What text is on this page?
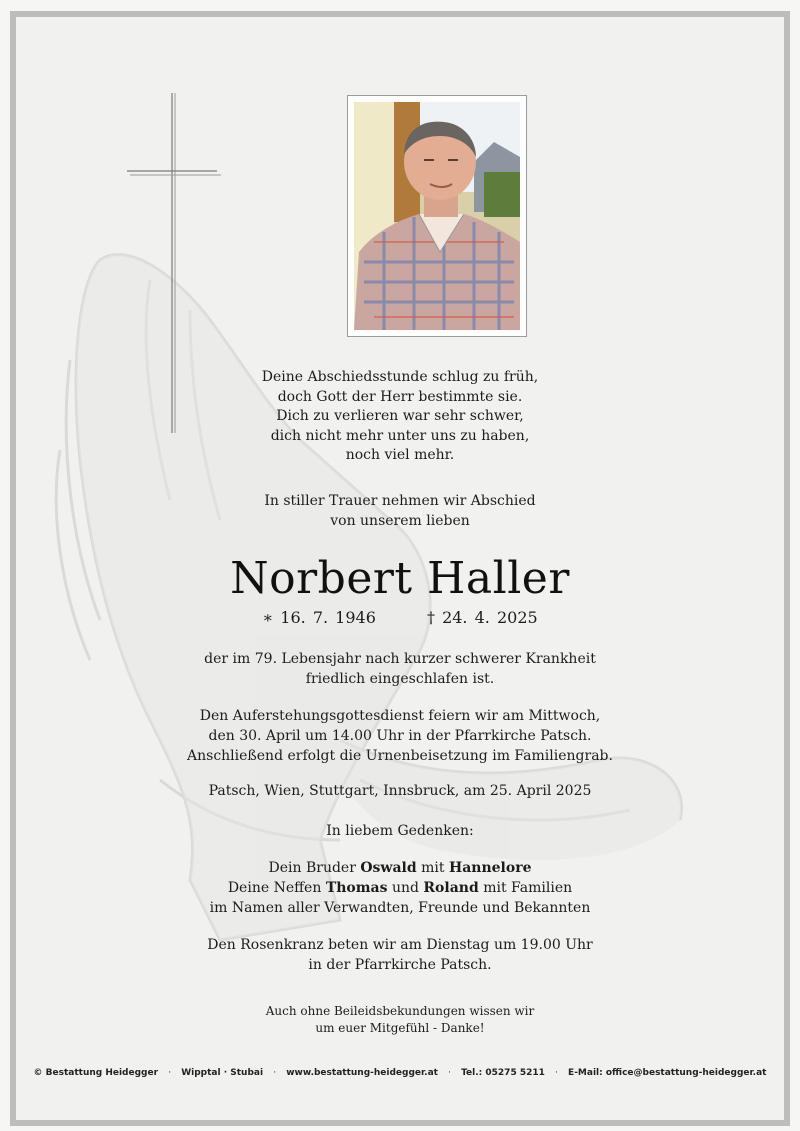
Deine Abschiedsstunde schlug zu früh,
doch Gott der Herr bestimmte sie.
Dich zu verlieren war sehr schwer,
dich nicht mehr unter uns zu haben,
noch viel mehr.
In stiller Trauer nehmen wir Abschied
von unserem lieben
Norbert Haller
∗ 16. 7. 1946	† 24. 4. 2025
der im 79. Lebensjahr nach kurzer schwerer Krankheit
friedlich eingeschlafen ist.
Den Auferstehungsgottesdienst feiern wir am Mittwoch,
den 30. April um 14.00 Uhr in der Pfarrkirche Patsch.
Anschließend erfolgt die Urnenbeisetzung im Familiengrab.
Patsch, Wien, Stuttgart, Innsbruck, am 25. April 2025
In liebem Gedenken:
Dein Bruder Oswald mit Hannelore
Deine Neffen Thomas und Roland mit Familien
im Namen aller Verwandten, Freunde und Bekannten
Den Rosenkranz beten wir am Dienstag um 19.00 Uhr
in der Pfarrkirche Patsch.
Auch ohne Beileidsbekundungen wissen wir
um euer Mitgefühl - Danke!
© Bestattung Heidegger · Wipptal · Stubai · www.bestattung-heidegger.at · Tel.: 05275 5211 · E-Mail: office@bestattung-heidegger.at
